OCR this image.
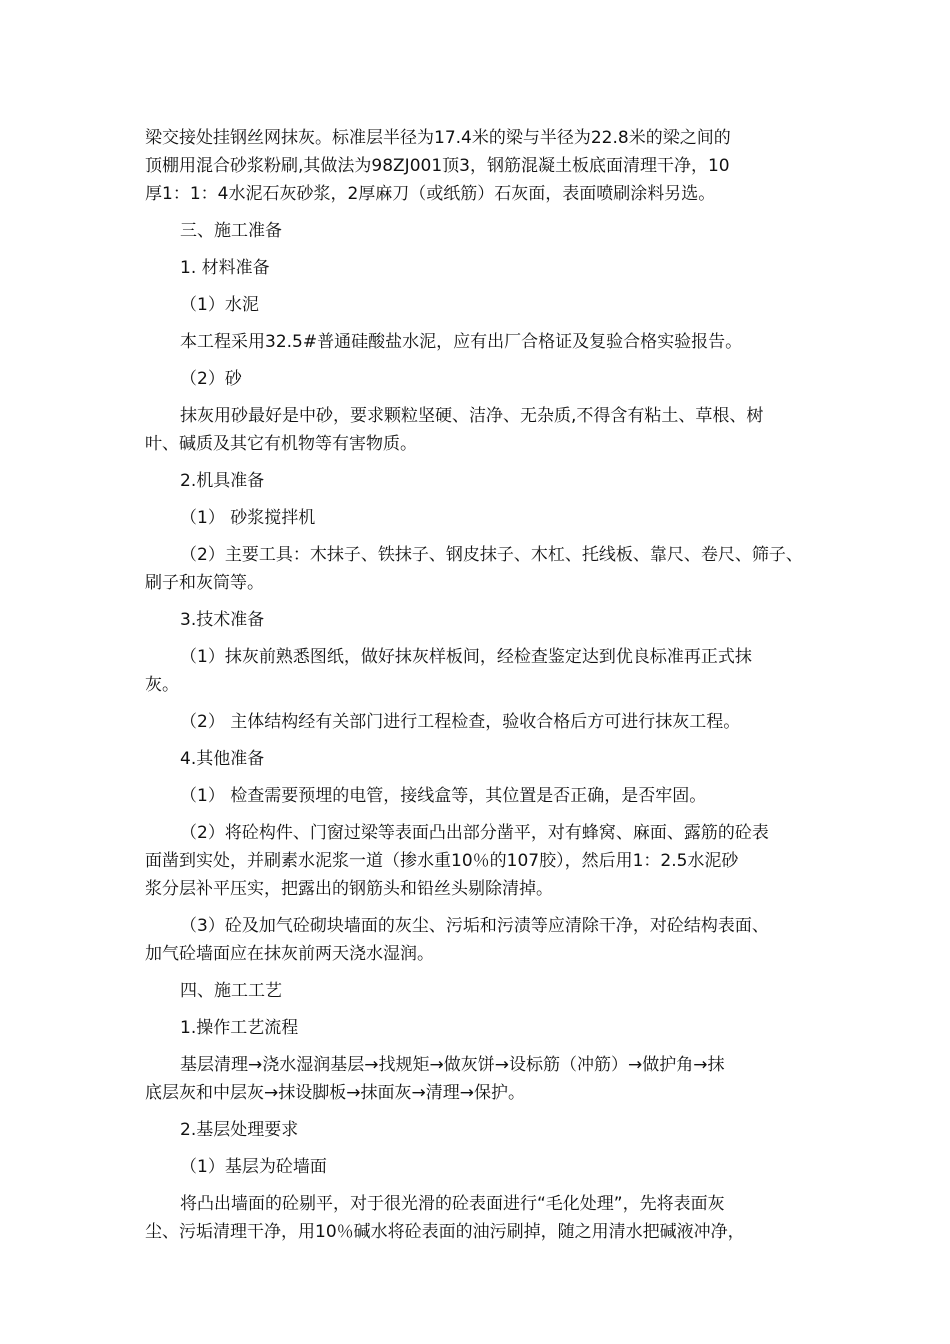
梁交接处挂钢丝网抹灰。标准层半径为17.4米的梁与半径为22.8米的梁之间的
顶棚用混合砂浆粉刷,其做法为98ZJ001顶3，钢筋混凝土板底面清理干净，10
厚1：1：4水泥石灰砂浆，2厚麻刀（或纸筋）石灰面，表面喷刷涂料另选。

三、施工准备

1. 材料准备

（1）水泥

本工程采用32.5#普通硅酸盐水泥，应有出厂合格证及复验合格实验报告。

（2）砂

抹灰用砂最好是中砂，要求颗粒坚硬、洁净、无杂质,不得含有粘土、草根、树
叶、碱质及其它有机物等有害物质。

2.机具准备

（1） 砂浆搅拌机

（2）主要工具：木抹子、铁抹子、钢皮抹子、木杠、托线板、靠尺、卷尺、筛子、
刷子和灰筒等。

3.技术准备

（1）抹灰前熟悉图纸，做好抹灰样板间，经检查鉴定达到优良标准再正式抹
灰。

（2） 主体结构经有关部门进行工程检查，验收合格后方可进行抹灰工程。

4.其他准备

（1） 检查需要预埋的电管，接线盒等，其位置是否正确，是否牢固。

（2）将砼构件、门窗过梁等表面凸出部分凿平，对有蜂窝、麻面、露筋的砼表
面凿到实处，并刷素水泥浆一道（掺水重10％的107胶），然后用1：2.5水泥砂
浆分层补平压实，把露出的钢筋头和铅丝头剔除清掉。

（3）砼及加气砼砌块墙面的灰尘、污垢和污渍等应清除干净，对砼结构表面、
加气砼墙面应在抹灰前两天浇水湿润。

四、施工工艺

1.操作工艺流程

基层清理→浇水湿润基层→找规矩→做灰饼→设标筋（冲筋）→做护角→抹
底层灰和中层灰→抹设脚板→抹面灰→清理→保护。

2.基层处理要求

（1）基层为砼墙面

将凸出墙面的砼剔平，对于很光滑的砼表面进行“毛化处理”，先将表面灰
尘、污垢清理干净，用10％碱水将砼表面的油污刷掉，随之用清水把碱液冲净，
